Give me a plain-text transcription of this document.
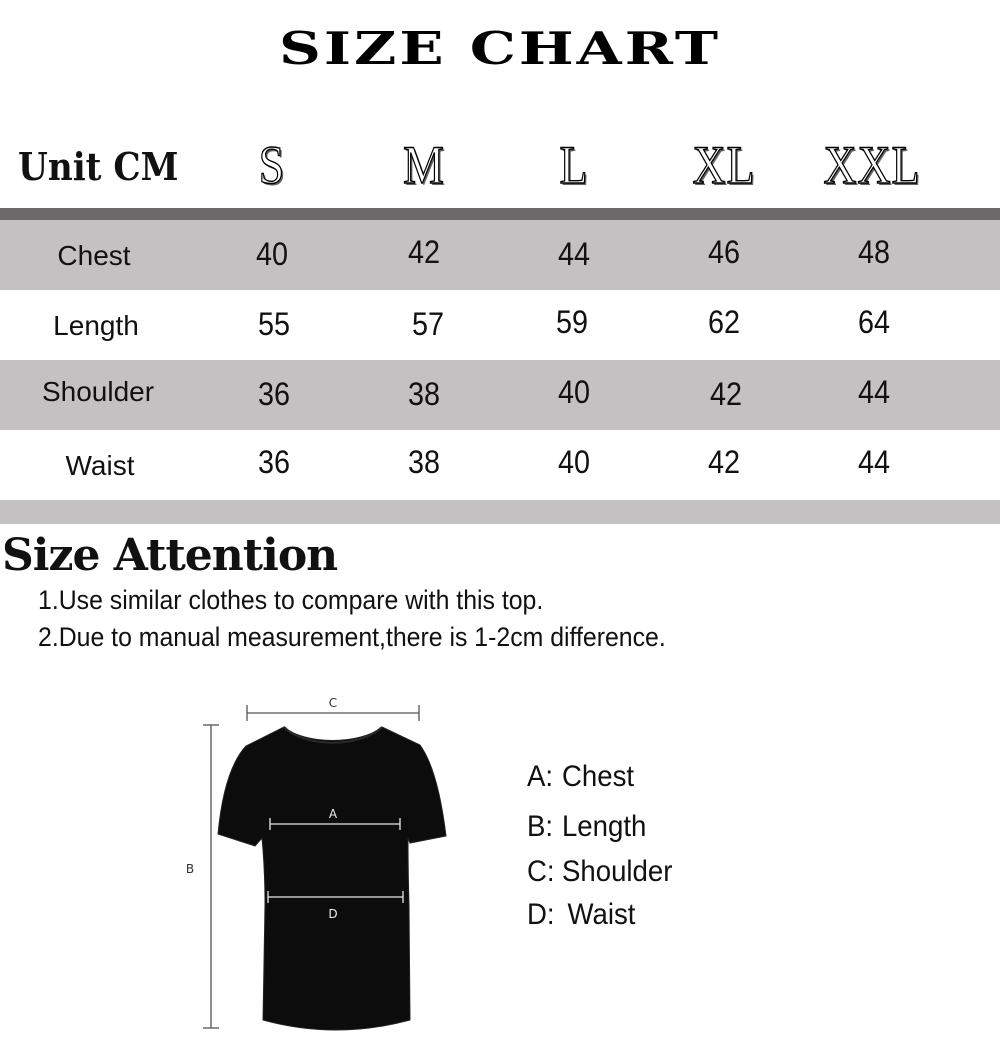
SIZE CHART
Unit CM S M L XL XXL
Chest	40	42	44	46	48
Length	55	57	59	62	64
Shoulder	36	38	40	42	44
Waist	36	38	40	42	44
Size Attention
1.Use similar clothes to compare with this top.
2.Due to manual measurement,there is 1-2cm difference.
C
A
D
B
A: Chest
B: Length
C: Shoulder
D: Waist
